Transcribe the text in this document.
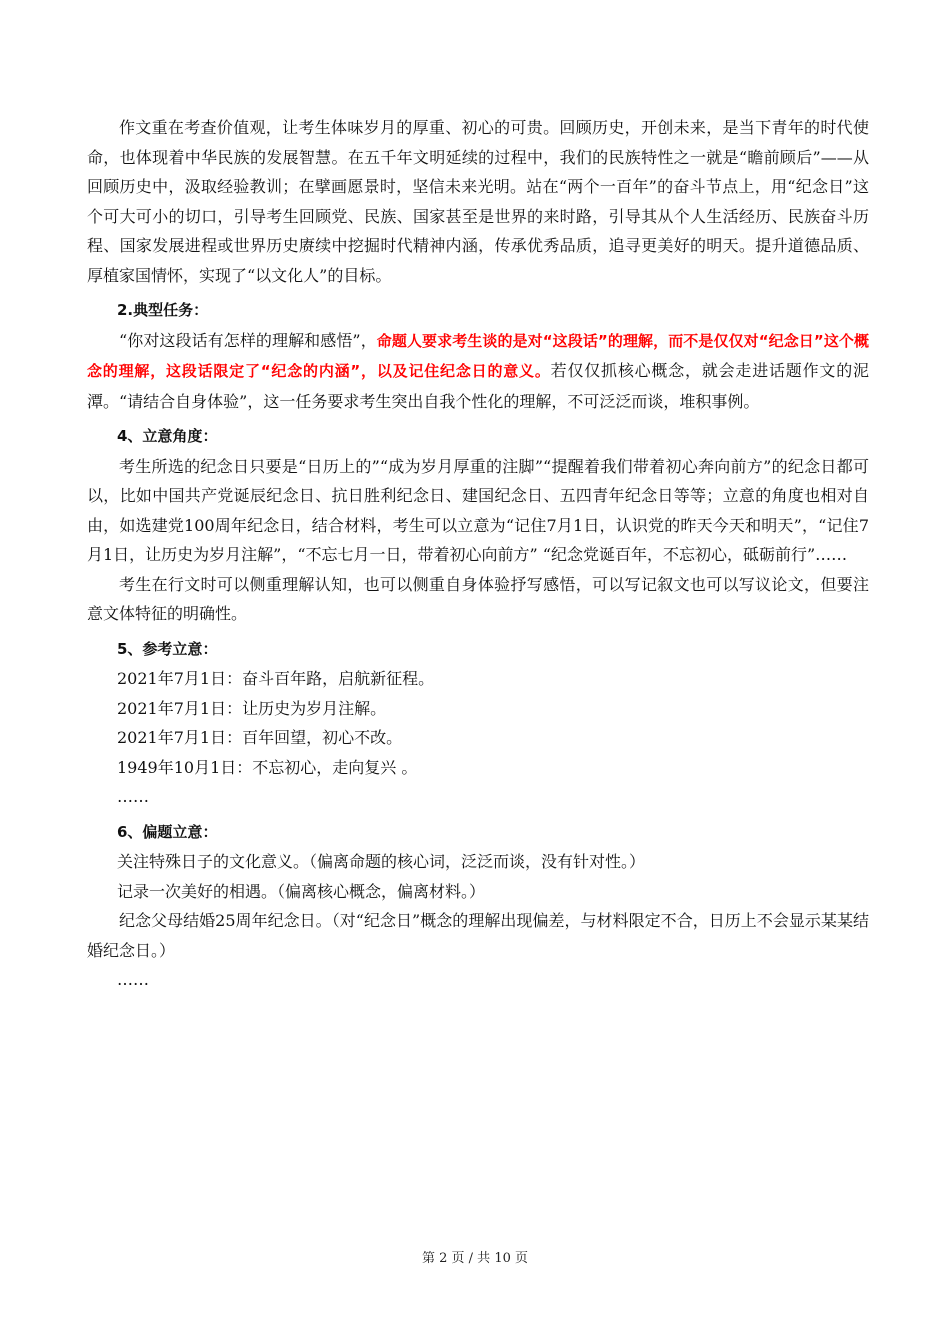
作文重在考查价值观，让考生体味岁月的厚重、初心的可贵。回顾历史，开创未来，是当下青年的时代使命，也体现着中华民族的发展智慧。在五千年文明延续的过程中，我们的民族特性之一就是“瞻前顾后”——从回顾历史中，汲取经验教训；在擘画愿景时，坚信未来光明。站在“两个一百年”的奋斗节点上，用“纪念日”这个可大可小的切口，引导考生回顾党、民族、国家甚至是世界的来时路，引导其从个人生活经历、民族奋斗历程、国家发展进程或世界历史赓续中挖掘时代精神内涵，传承优秀品质，追寻更美好的明天。提升道德品质、厚植家国情怀，实现了“以文化人”的目标。

2.典型任务：

“你对这段话有怎样的理解和感悟”，命题人要求考生谈的是对“这段话”的理解，而不是仅仅对“纪念日”这个概念的理解，这段话限定了“纪念的内涵”，以及记住纪念日的意义。若仅仅抓核心概念，就会走进话题作文的泥潭。“请结合自身体验”，这一任务要求考生突出自我个性化的理解，不可泛泛而谈，堆积事例。

4、立意角度：

考生所选的纪念日只要是“日历上的”“成为岁月厚重的注脚”“提醒着我们带着初心奔向前方”的纪念日都可以，比如中国共产党诞辰纪念日、抗日胜利纪念日、建国纪念日、五四青年纪念日等等；立意的角度也相对自由，如选建党100周年纪念日，结合材料，考生可以立意为“记住7月1日，认识党的昨天今天和明天”，“记住7月1日，让历史为岁月注解”，“不忘七月一日，带着初心向前方” “纪念党诞百年，不忘初心，砥砺前行”……

考生在行文时可以侧重理解认知，也可以侧重自身体验抒写感悟，可以写记叙文也可以写议论文，但要注意文体特征的明确性。

5、参考立意：

2021年7月1日：奋斗百年路，启航新征程。

2021年7月1日：让历史为岁月注解。

2021年7月1日：百年回望，初心不改。

1949年10月1日：不忘初心，走向复兴 。

……

6、偏题立意：

关注特殊日子的文化意义。（偏离命题的核心词，泛泛而谈，没有针对性。）

记录一次美好的相遇。（偏离核心概念，偏离材料。）

纪念父母结婚25周年纪念日。（对“纪念日”概念的理解出现偏差，与材料限定不合，日历上不会显示某某结婚纪念日。）

……

第 2 页 / 共 10 页
